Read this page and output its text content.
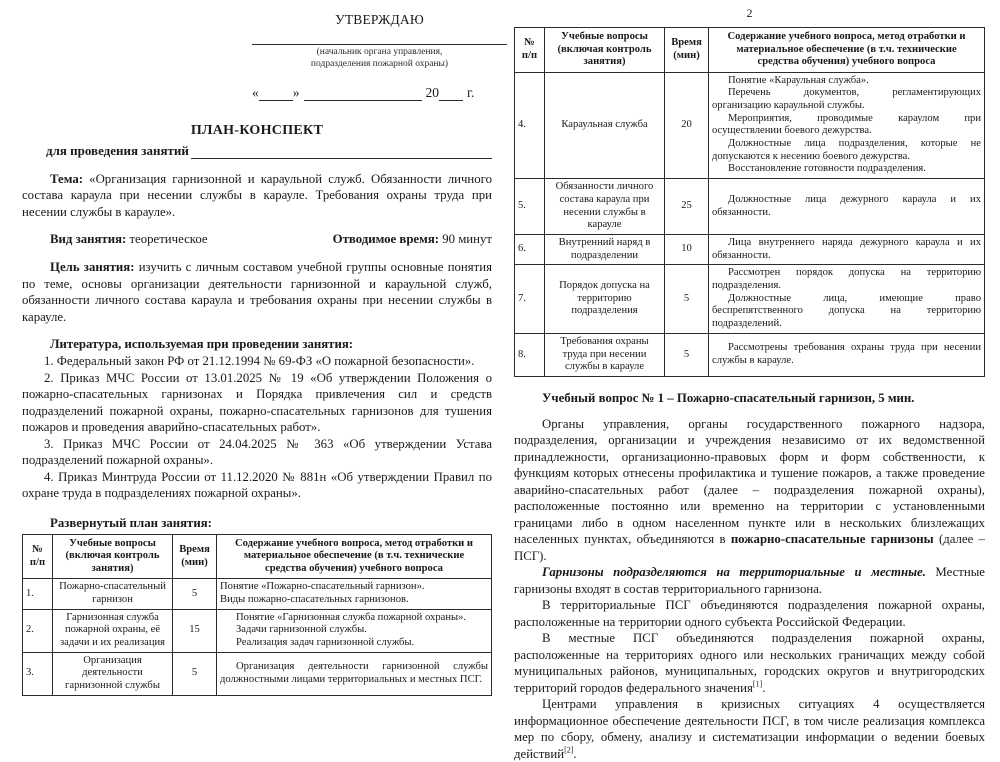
УТВЕРЖДАЮ
(начальник органа управления,
подразделения пожарной охраны)
«	»	20 г.
ПЛАН-КОНСПЕКТ
для проведения занятий

Тема: «Организация гарнизонной и караульной служб. Обязанности личного состава караула при несении службы в карауле. Требования охраны труда при несении службы в карауле».

Вид занятия: теоретическое	Отводимое время: 90 минут

Цель занятия: изучить с личным составом учебной группы основные понятия по теме, основы организации деятельности гарнизонной и караульной служб, обязанности личного состава караула и требования охраны при несении службы в карауле.

Литература, используемая при проведении занятия:

1. Федеральный закон РФ от 21.12.1994 № 69-ФЗ «О пожарной безопасности».

2. Приказ МЧС России от 13.01.2025 № 19 «Об утверждении Положения о пожарно-спасательных гарнизонах и Порядка привлечения сил и средств подразделений пожарной охраны, пожарно-спасательных гарнизонов для тушения пожаров и проведения аварийно-спасательных работ».

3. Приказ МЧС России от 24.04.2025 № 363 «Об утверждении Устава подразделений пожарной охраны».

4. Приказ Минтруда России от 11.12.2020 № 881н «Об утверждении Правил по охране труда в подразделениях пожарной охраны».

Развернутый план занятия:
№
п/п	Учебные вопросы
(включая контроль
занятия)	Время
(мин)	Содержание учебного вопроса, метод отработки и
материальное обеспечение (в т.ч. технические
средства обучения) учебного вопроса
1.	Пожарно-спасательный гарнизон	5	Понятие «Пожарно-спасательный гарнизон».

Виды пожарно-спасательных гарнизонов.

2.	Гарнизонная служба пожарной охраны, её задачи и их реализация	15	Понятие «Гарнизонная служба пожарной охраны».

Задачи гарнизонной службы.

Реализация задач гарнизонной службы.

3.	Организация деятельности гарнизонной службы	5	Организация деятельности гарнизонной службы должностными лицами территориальных и местных ПСГ.

2
№
п/п	Учебные вопросы
(включая контроль
занятия)	Время
(мин)	Содержание учебного вопроса, метод отработки и
материальное обеспечение (в т.ч. технические
средства обучения) учебного вопроса
4.	Караульная служба	20	Понятие «Караульная служба».

Перечень документов, регламентирующих организацию караульной службы.

Мероприятия, проводимые караулом при осуществлении боевого дежурства.

Должностные лица подразделения, которые не допускаются к несению боевого дежурства.

Восстановление готовности подразделения.

5.	Обязанности личного состава караула при несении службы в карауле	25	Должностные лица дежурного караула и их обязанности.

6.	Внутренний наряд в подразделении	10	Лица внутреннего наряда дежурного караула и их обязанности.

7.	Порядок допуска на территорию подразделения	5	Рассмотрен порядок допуска на территорию подразделения.

Должностные лица, имеющие право беспрепятственного допуска на территорию подразделений.

8.	Требования охраны труда при несении службы в карауле	5	Рассмотрены требования охраны труда при несении службы в карауле.

Учебный вопрос № 1 – Пожарно-спасательный гарнизон, 5 мин.

Органы управления, органы государственного пожарного надзора, подразделения, организации и учреждения независимо от их ведомственной принадлежности, организационно-правовых форм и форм собственности, к функциям которых отнесены профилактика и тушение пожаров, а также проведение аварийно-спасательных работ (далее – подразделения пожарной охраны), расположенные постоянно или временно на территории с установленными границами либо в одном населенном пункте или в нескольких близлежащих населенных пунктах, объединяются в пожарно-спасательные гарнизоны (далее – ПСГ).

Гарнизоны подразделяются на территориальные и местные. Местные гарнизоны входят в состав территориального гарнизона.

В территориальные ПСГ объединяются подразделения пожарной охраны, расположенные на территории одного субъекта Российской Федерации.

В местные ПСГ объединяются подразделения пожарной охраны, расположенные на территориях одного или нескольких граничащих между собой муниципальных районов, муниципальных, городских округов и внутригородских территорий городов федерального значения[1].

Центрами управления в кризисных ситуациях 4 осуществляется информационное обеспечение деятельности ПСГ, в том числе реализация комплекса мер по сбору, обмену, анализу и систематизации информации о ведении боевых действий[2].
